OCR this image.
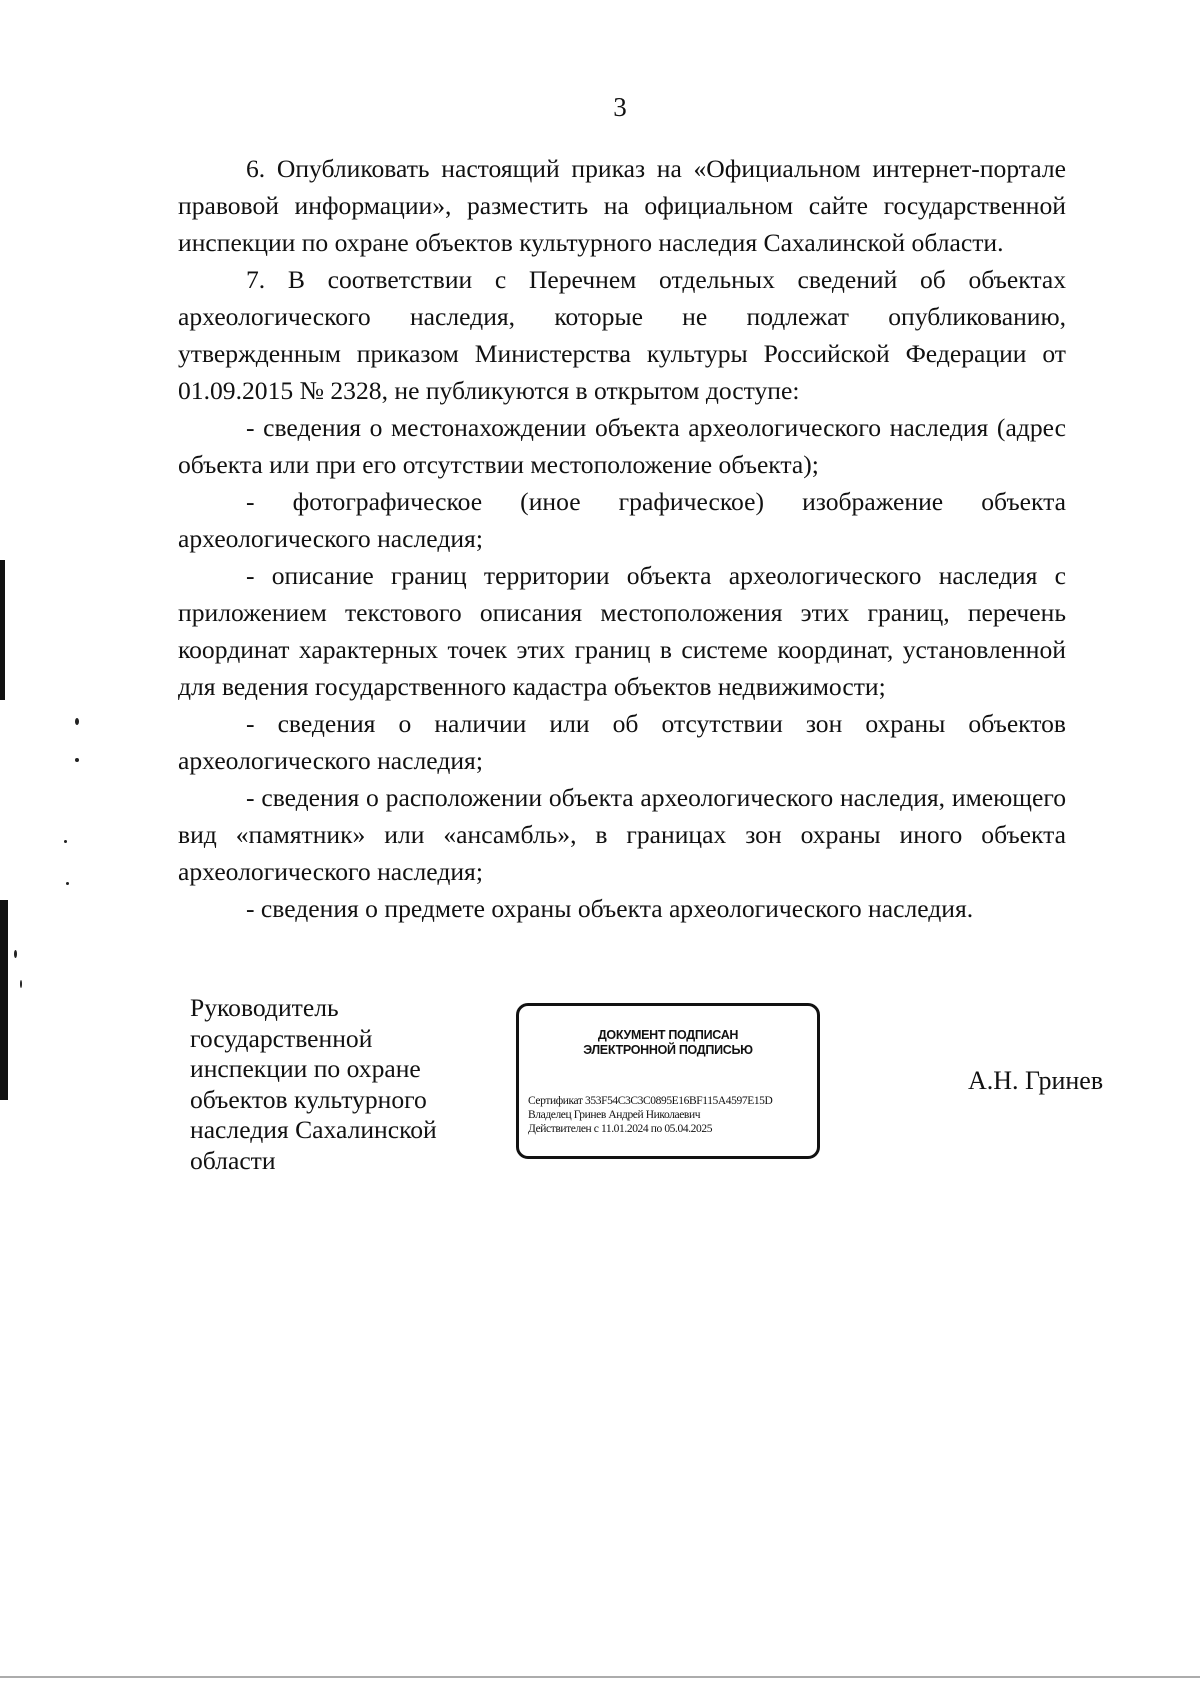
3

6. Опубликовать настоящий приказ на «Официальном интернет-портале правовой информации», разместить на официальном сайте государственной инспекции по охране объектов культурного наследия Сахалинской области.

7. В соответствии с Перечнем отдельных сведений об объектах археологического наследия, которые не подлежат опубликованию, утвержденным приказом Министерства культуры Российской Федерации от 01.09.2015 № 2328, не публикуются в открытом доступе:

- сведения о местонахождении объекта археологического наследия (адрес объекта или при его отсутствии местоположение объекта);

- фотографическое (иное графическое) изображение объекта археологического наследия;

- описание границ территории объекта археологического наследия с приложением текстового описания местоположения этих границ, перечень координат характерных точек этих границ в системе координат, установленной для ведения государственного кадастра объектов недвижимости;

- сведения о наличии или об отсутствии зон охраны объектов археологического наследия;

- сведения о расположении объекта археологического наследия, имеющего вид «памятник» или «ансамбль», в границах зон охраны иного объекта археологического наследия;

- сведения о предмете охраны объекта археологического наследия.

Руководитель
государственной
инспекции по охране
объектов культурного
наследия Сахалинской
области
ДОКУМЕНТ ПОДПИСАН
ЭЛЕКТРОННОЙ ПОДПИСЬЮ
Сертификат 353F54C3C3C0895E16BF115A4597E15D
Владелец Гринев Андрей Николаевич
Действителен с 11.01.2024 по 05.04.2025
А.Н. Гринев
